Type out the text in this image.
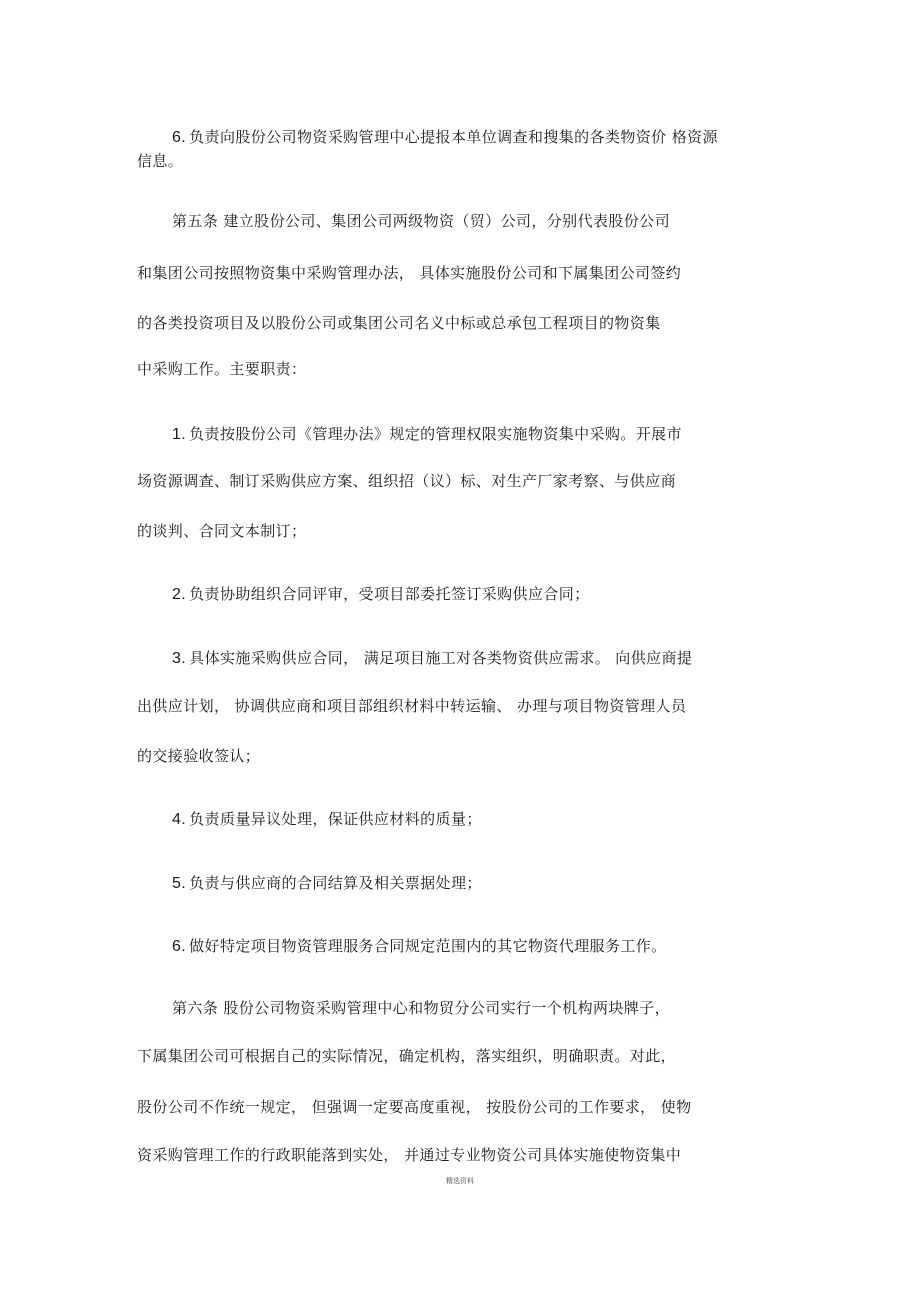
6. 负责向股份公司物资采购管理中心提报本单位调查和搜集的各类物资价 格资源
信息。
第五条 建立股份公司、集团公司两级物资（贸）公司，分别代表股份公司
和集团公司按照物资集中采购管理办法， 具体实施股份公司和下属集团公司签约
的各类投资项目及以股份公司或集团公司名义中标或总承包工程项目的物资集
中采购工作。主要职责：
1. 负责按股份公司《管理办法》规定的管理权限实施物资集中采购。开展市
场资源调查、制订采购供应方案、组织招（议）标、对生产厂家考察、与供应商
的谈判、合同文本制订；
2. 负责协助组织合同评审，受项目部委托签订采购供应合同；
3. 具体实施采购供应合同， 满足项目施工对各类物资供应需求。 向供应商提
出供应计划， 协调供应商和项目部组织材料中转运输、 办理与项目物资管理人员
的交接验收签认；
4. 负责质量异议处理，保证供应材料的质量；
5. 负责与供应商的合同结算及相关票据处理；
6. 做好特定项目物资管理服务合同规定范围内的其它物资代理服务工作。
第六条 股份公司物资采购管理中心和物贸分公司实行一个机构两块牌子，
下属集团公司可根据自己的实际情况，确定机构，落实组织，明确职责。对此，
股份公司不作统一规定， 但强调一定要高度重视， 按股份公司的工作要求， 使物
资采购管理工作的行政职能落到实处， 并通过专业物资公司具体实施使物资集中
精选资料
